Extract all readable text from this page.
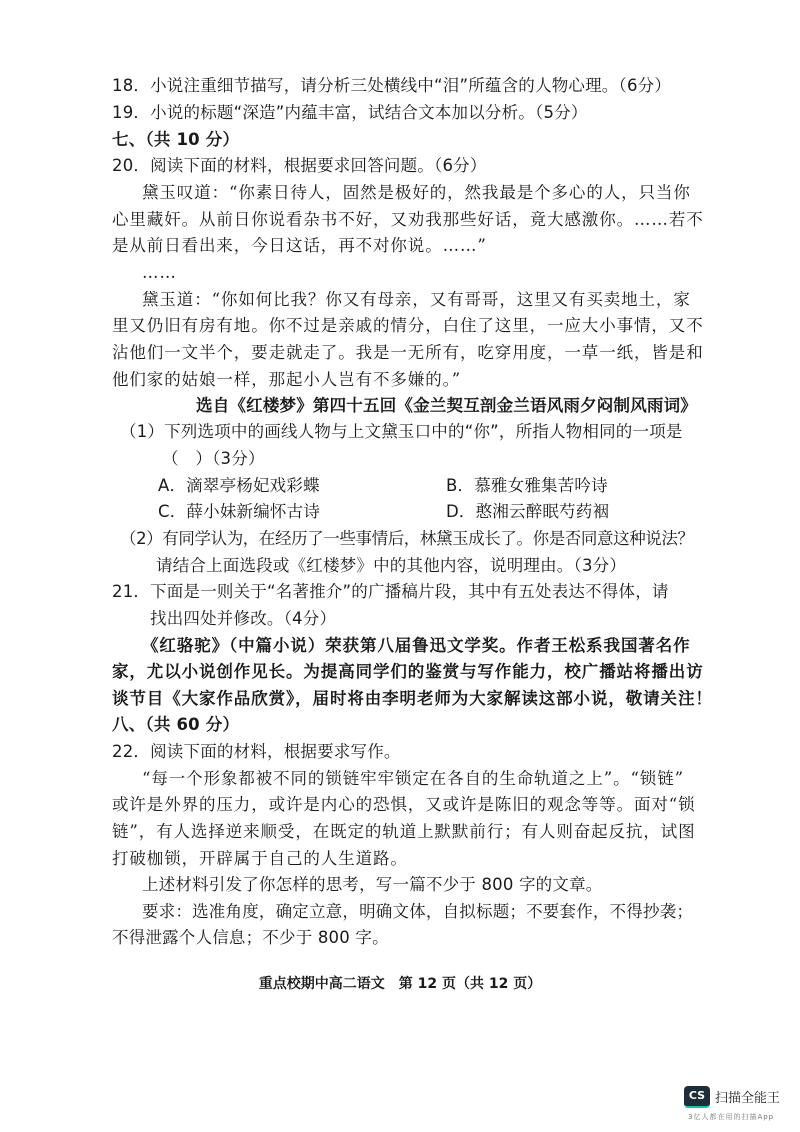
18．小说注重细节描写，请分析三处横线中“泪”所蕴含的人物心理。（6分）
19．小说的标题“深造”内蕴丰富，试结合文本加以分析。（5分）
七、（共 10 分）
20．阅读下面的材料，根据要求回答问题。（6分）
黛玉叹道：“你素日待人，固然是极好的，然我最是个多心的人，只当你
心里藏奸。从前日你说看杂书不好，又劝我那些好话，竟大感激你。……若不
是从前日看出来，今日这话，再不对你说。……”
……
黛玉道：“你如何比我？你又有母亲，又有哥哥，这里又有买卖地土，家
里又仍旧有房有地。你不过是亲戚的情分，白住了这里，一应大小事情，又不
沾他们一文半个，要走就走了。我是一无所有，吃穿用度，一草一纸，皆是和
他们家的姑娘一样，那起小人岂有不多嫌的。”
选自《红楼梦》第四十五回《金兰契互剖金兰语风雨夕闷制风雨词》
（1）下列选项中的画线人物与上文黛玉口中的“你”，所指人物相同的一项是
（　）（3分）
A．滴翠亭杨妃戏彩蝶	B．慕雅女雅集苦吟诗
C．薛小妹新编怀古诗	D．憨湘云醉眠芍药裀
（2）有同学认为，在经历了一些事情后，林黛玉成长了。你是否同意这种说法？
请结合上面选段或《红楼梦》中的其他内容，说明理由。（3分）
21．下面是一则关于“名著推介”的广播稿片段，其中有五处表达不得体，请
找出四处并修改。（4分）
《红骆驼》（中篇小说）荣获第八届鲁迅文学奖。作者王松系我国著名作
家，尤以小说创作见长。为提高同学们的鉴赏与写作能力，校广播站将播出访
谈节目《大家作品欣赏》，届时将由李明老师为大家解读这部小说，敬请关注！
八、（共 60 分）
22．阅读下面的材料，根据要求写作。
“每一个形象都被不同的锁链牢牢锁定在各自的生命轨道之上”。“锁链”
或许是外界的压力，或许是内心的恐惧，又或许是陈旧的观念等等。面对“锁
链”，有人选择逆来顺受，在既定的轨道上默默前行；有人则奋起反抗，试图
打破枷锁，开辟属于自己的人生道路。
上述材料引发了你怎样的思考，写一篇不少于 800 字的文章。
要求：选准角度，确定立意，明确文体，自拟标题；不要套作，不得抄袭；
不得泄露个人信息；不少于 800 字。
重点校期中高二语文　第 12 页（共 12 页）
CS 扫描全能王
3亿人都在用的扫描App
